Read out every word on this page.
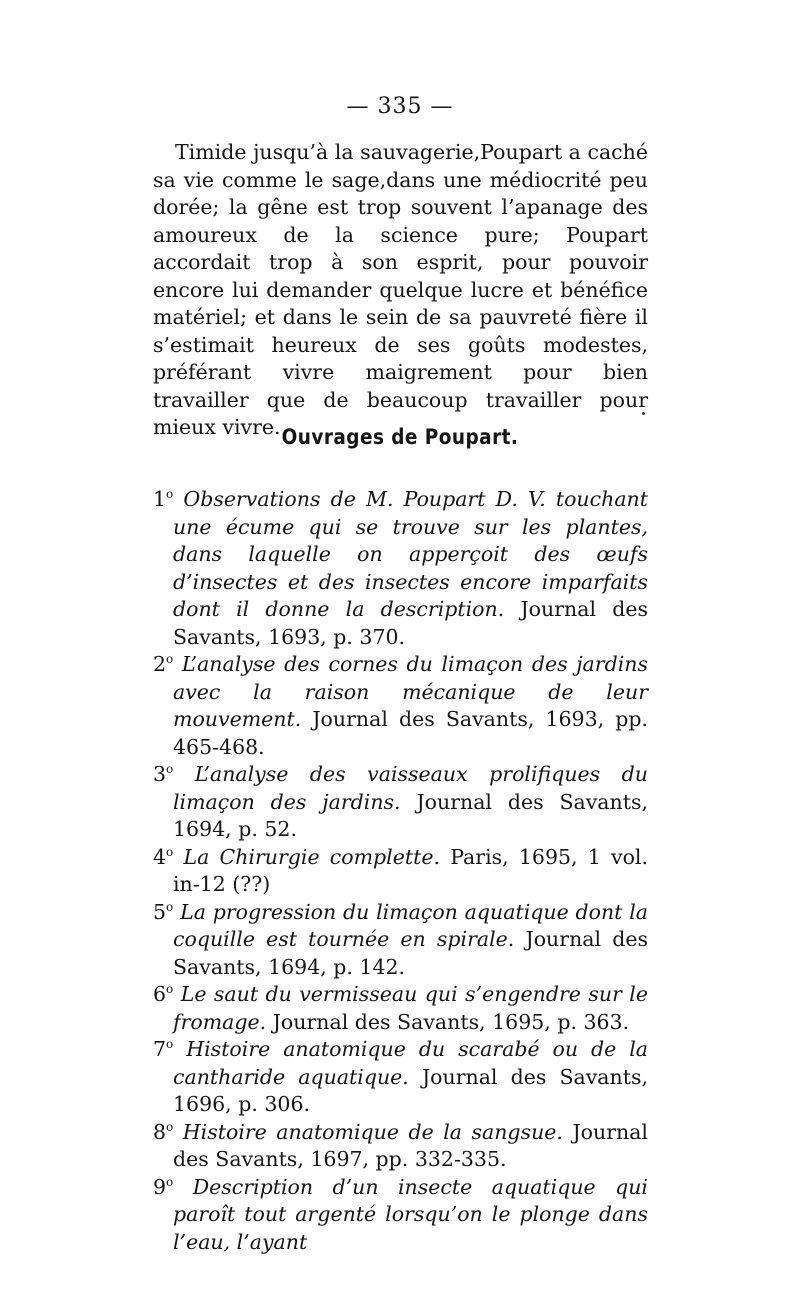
— 335 —

Timide jusqu’à la sauvagerie,Poupart a caché sa vie comme le sage,dans une médiocrité peu dorée; la gêne est trop souvent l’apanage des amoureux de la science pure; Poupart accordait trop à son esprit, pour pouvoir encore lui demander quelque lucre et bénéfice matériel; et dans le sein de sa pauvreté fière il s’estimait heureux de ses goûts modestes, préférant vivre maigrement pour bien travailler que de beaucoup travailler pour mieux vivre. Ouvrages de Poupart.
1$^o$ Observations de M. Poupart D. V. touchant une écume qui se trouve sur les plantes, dans laquelle on apperçoit des œufs d’insectes et des insectes encore imparfaits dont il donne la description. Journal des Savants, 1693, p. 370.
2$^o$ L’analyse des cornes du limaçon des jardins avec la raison mécanique de leur mouvement. Journal des Savants, 1693, pp. 465-468.
3$^o$ L’analyse des vaisseaux prolifiques du limaçon des jardins. Journal des Savants, 1694, p. 52.
4$^o$ La Chirurgie complette. Paris, 1695, 1 vol. in-12 (??)
5$^o$ La progression du limaçon aquatique dont la coquille est tournée en spirale. Journal des Savants, 1694, p. 142.
6$^o$ Le saut du vermisseau qui s’engendre sur le fromage. Journal des Savants, 1695, p. 363.
7$^o$ Histoire anatomique du scarabé ou de la cantharide aquatique. Journal des Savants, 1696, p. 306.
8$^o$ Histoire anatomique de la sangsue. Journal des Savants, 1697, pp. 332-335.
9$^o$ Description d’un insecte aquatique qui paroît tout argenté lorsqu’on le plonge dans l’eau, l’ayant
